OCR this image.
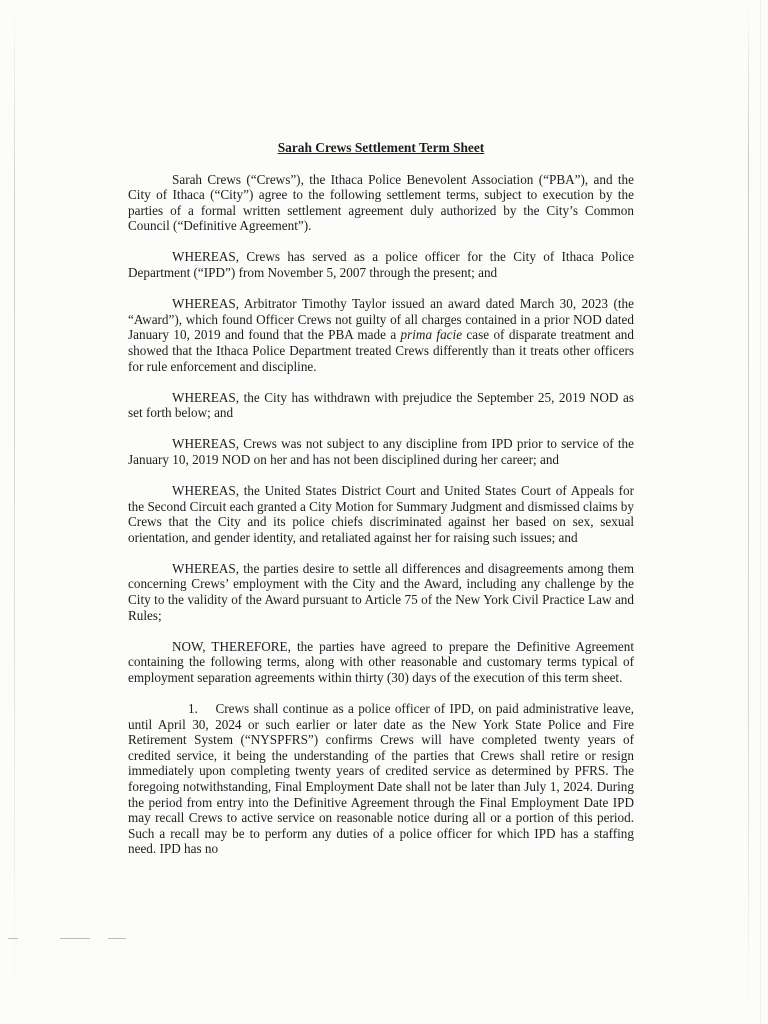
Sarah Crews Settlement Term Sheet

Sarah Crews (“Crews”), the Ithaca Police Benevolent Association (“PBA”), and the City of Ithaca (“City”) agree to the following settlement terms, subject to execution by the parties of a formal written settlement agreement duly authorized by the City’s Common Council (“Definitive Agreement”).

WHEREAS, Crews has served as a police officer for the City of Ithaca Police Department (“IPD”) from November 5, 2007 through the present; and

WHEREAS, Arbitrator Timothy Taylor issued an award dated March 30, 2023 (the “Award”), which found Officer Crews not guilty of all charges contained in a prior NOD dated January 10, 2019 and found that the PBA made a prima facie case of disparate treatment and showed that the Ithaca Police Department treated Crews differently than it treats other officers for rule enforcement and discipline.

WHEREAS, the City has withdrawn with prejudice the September 25, 2019 NOD as set forth below; and

WHEREAS, Crews was not subject to any discipline from IPD prior to service of the January 10, 2019 NOD on her and has not been disciplined during her career; and

WHEREAS, the United States District Court and United States Court of Appeals for the Second Circuit each granted a City Motion for Summary Judgment and dismissed claims by Crews that the City and its police chiefs discriminated against her based on sex, sexual orientation, and gender identity, and retaliated against her for raising such issues; and

WHEREAS, the parties desire to settle all differences and disagreements among them concerning Crews’ employment with the City and the Award, including any challenge by the City to the validity of the Award pursuant to Article 75 of the New York Civil Practice Law and Rules;

NOW, THEREFORE, the parties have agreed to prepare the Definitive Agreement containing the following terms, along with other reasonable and customary terms typical of employment separation agreements within thirty (30) days of the execution of this term sheet.

1. Crews shall continue as a police officer of IPD, on paid administrative leave, until April 30, 2024 or such earlier or later date as the New York State Police and Fire Retirement System (“NYSPFRS”) confirms Crews will have completed twenty years of credited service, it being the understanding of the parties that Crews shall retire or resign immediately upon completing twenty years of credited service as determined by PFRS. The foregoing notwithstanding, Final Employment Date shall not be later than July 1, 2024. During the period from entry into the Definitive Agreement through the Final Employment Date IPD may recall Crews to active service on reasonable notice during all or a portion of this period. Such a recall may be to perform any duties of a police officer for which IPD has a staffing need. IPD has no
